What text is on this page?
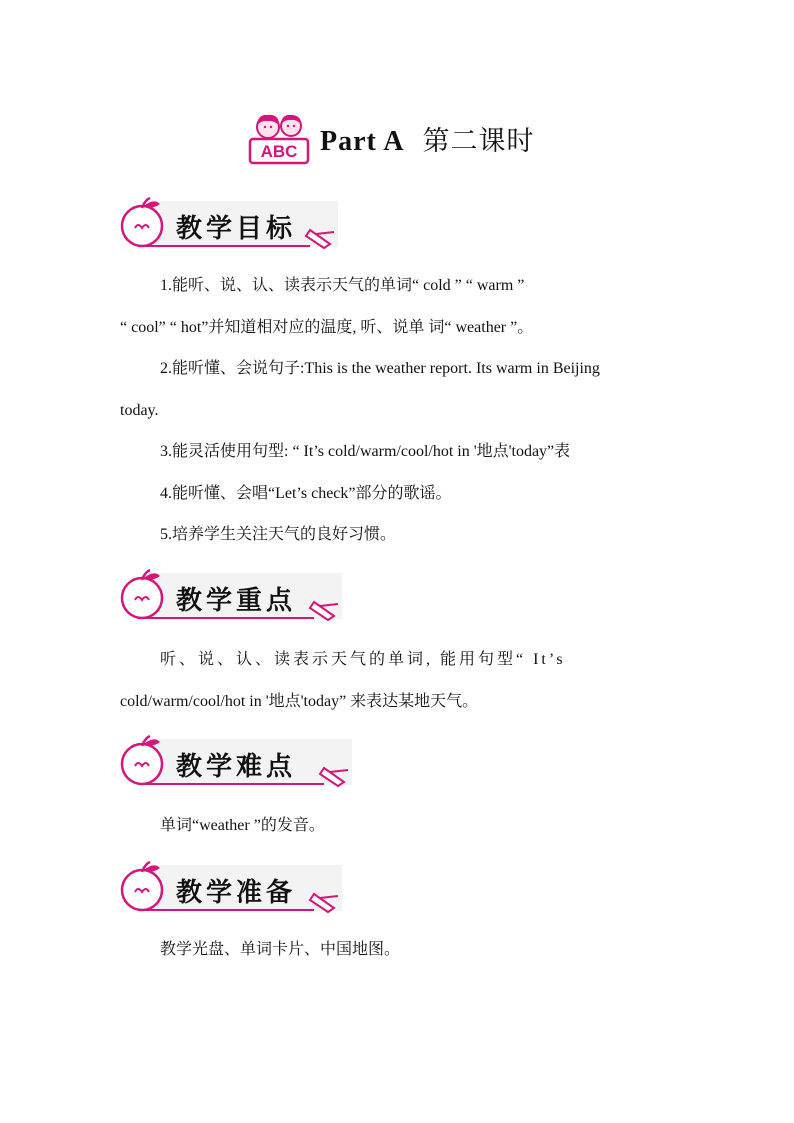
ABC Part A 第二课时
教学目标
1.能听、说、认、读表示天气的单词“ cold ” “ warm ”
“ cool” “ hot”并知道相对应的温度, 听、说单 词“ weather ”。
2.能听懂、会说句子:This is the weather report. Its warm in Beijing
today.
3.能灵活使用句型: “ It’s cold/warm/cool/hot in '地点'today”表
4.能听懂、会唱“Let’s check”部分的歌谣。
5.培养学生关注天气的良好习惯。
教学重点
听、说、认、读表示天气的单词, 能用句型“ It’s
cold/warm/cool/hot in '地点'today” 来表达某地天气。
教学难点
单词“weather ”的发音。
教学准备
教学光盘、单词卡片、中国地图。
